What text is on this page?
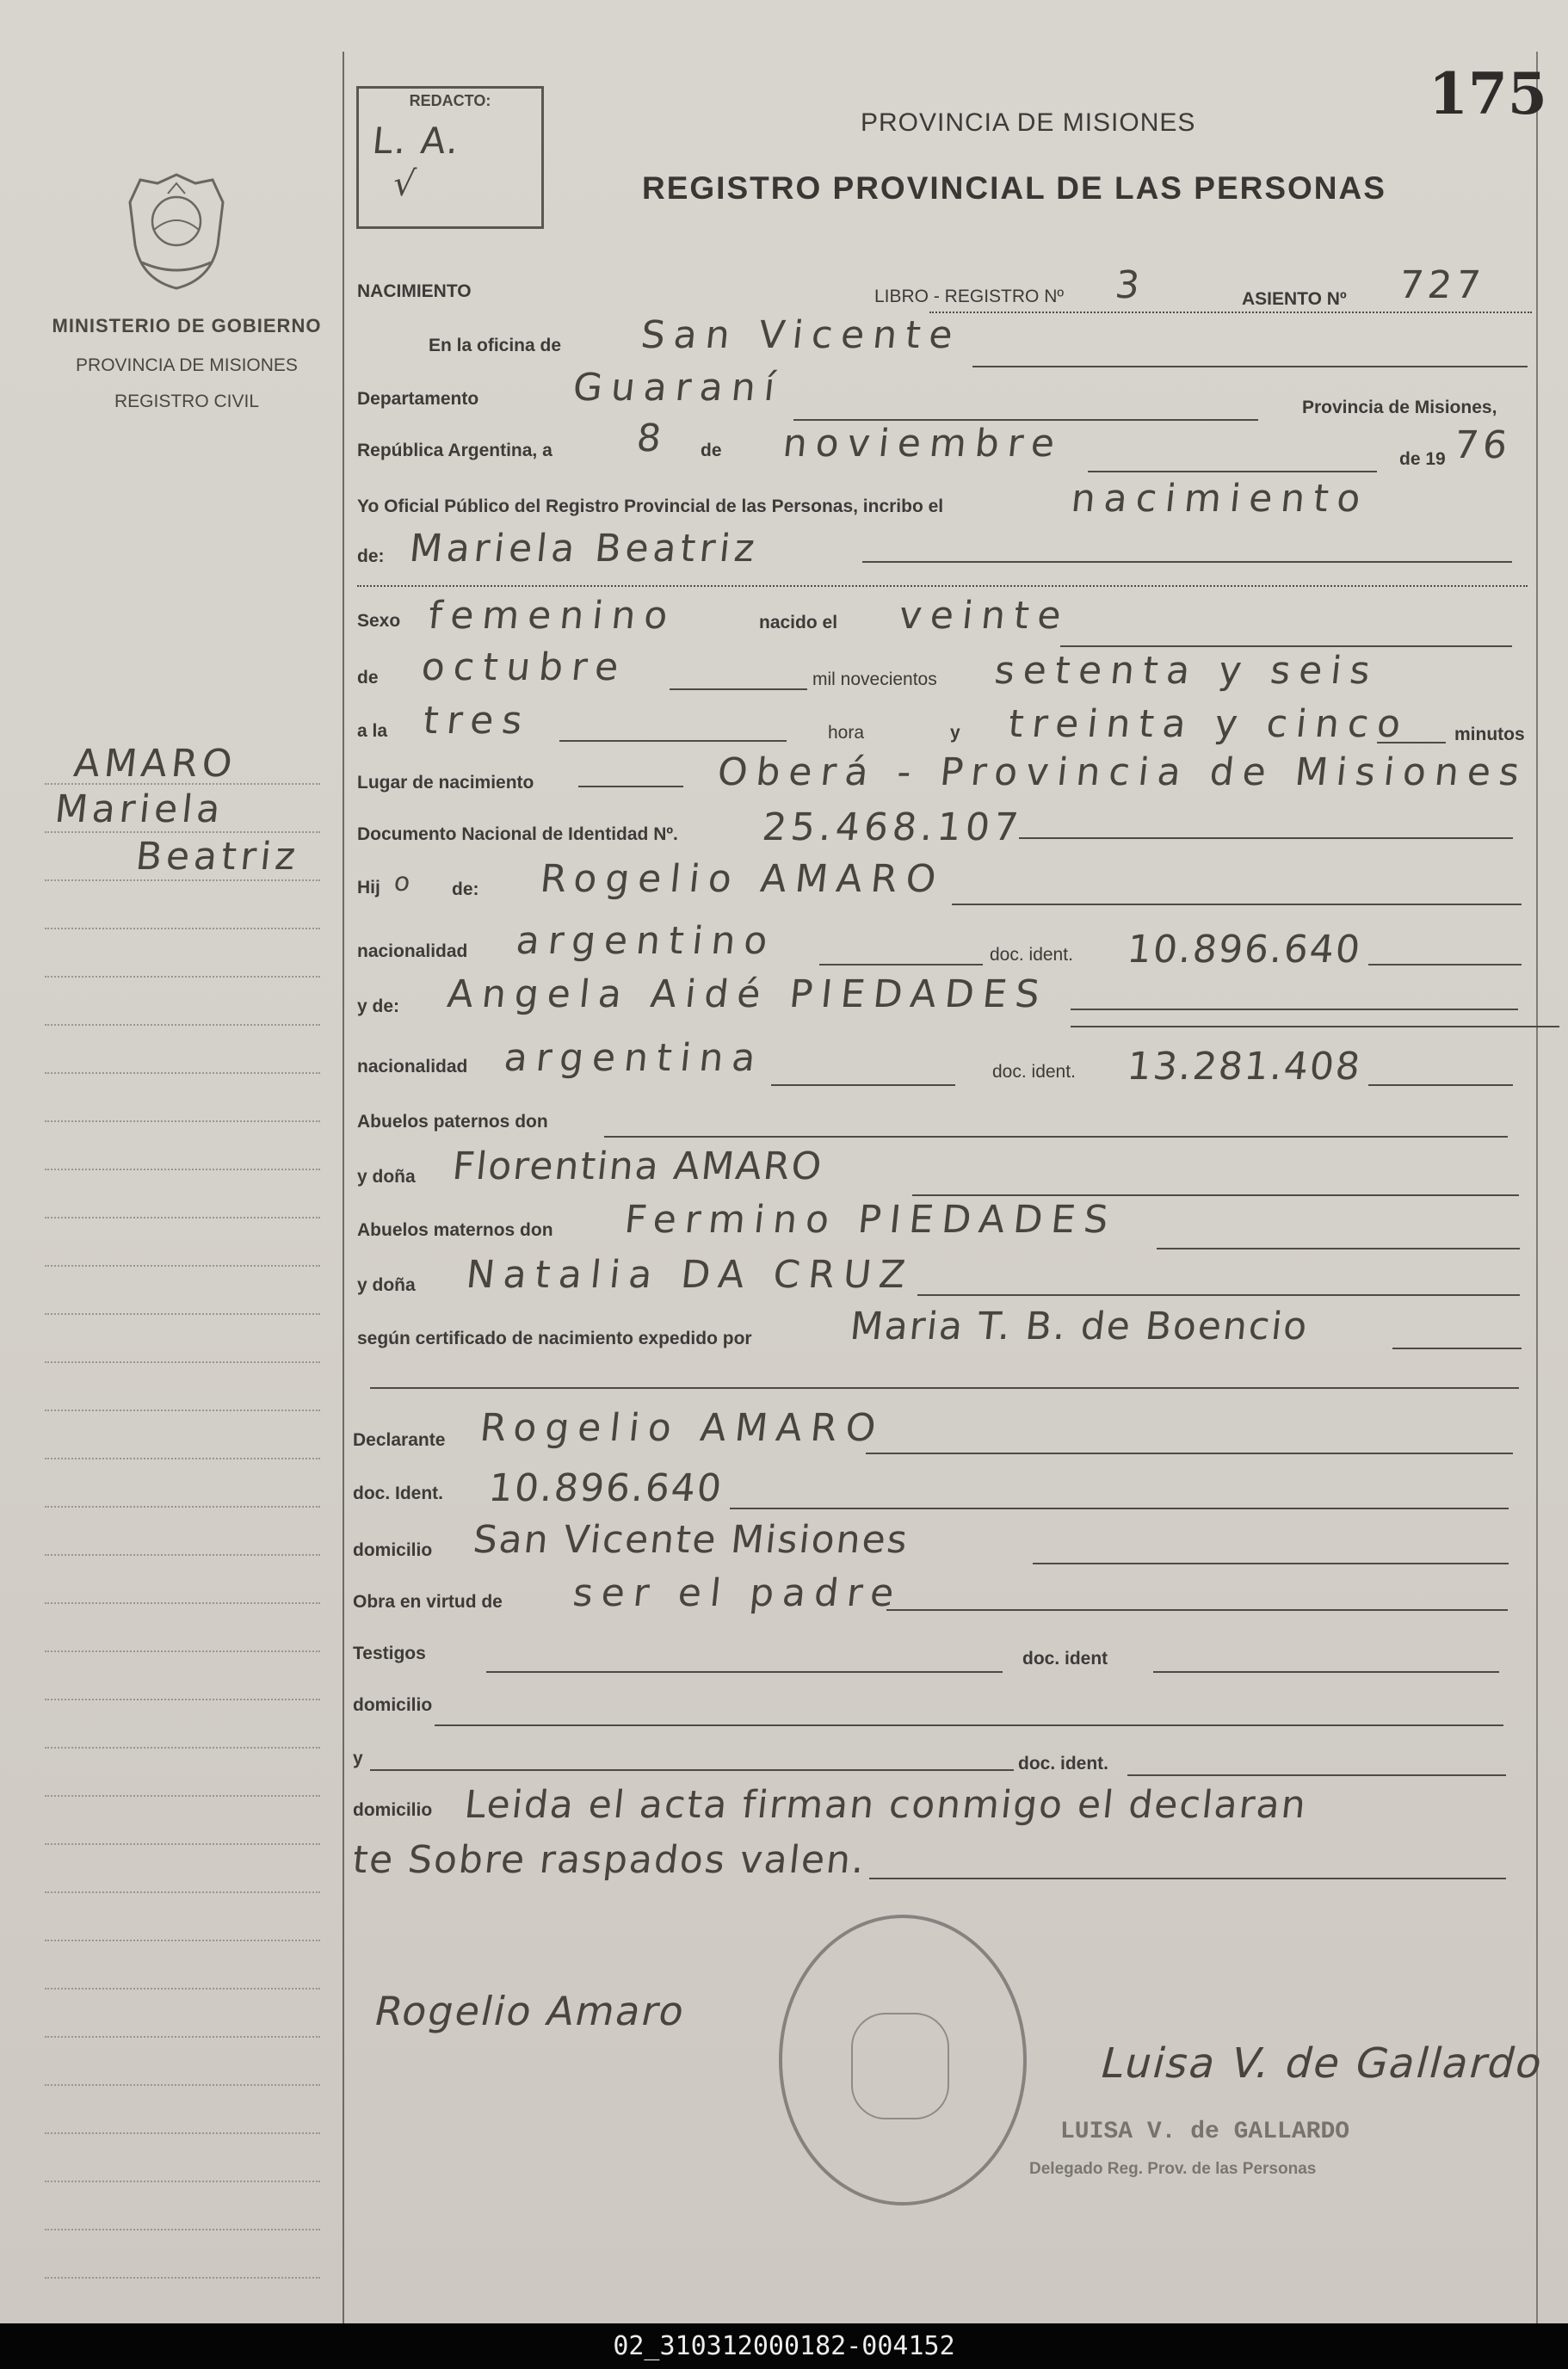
175
REDACTO:
L. A.
√
MINISTERIO DE GOBIERNO
PROVINCIA DE MISIONES
REGISTRO CIVIL
PROVINCIA DE MISIONES
REGISTRO PROVINCIAL DE LAS PERSONAS
AMARO
Mariela
Beatriz
NACIMIENTO	LIBRO - REGISTRO Nº 3	ASIENTO Nº 727
En la oficina de San Vicente
Departamento Guaraní	Provincia de Misiones,
República Argentina, a 8 de noviembre	de 19 76
Yo Oficial Público del Registro Provincial de las Personas, incribo el	nacimiento
de: Mariela Beatriz
Sexo femenino	nacido el veinte
de octubre	mil novecientos setenta y seis
a la tres	hora	y treinta y cinco minutos
Lugar de nacimiento	Oberá - Provincia de Misiones
Documento Nacional de Identidad Nº. 25.468.107
Hij o de: Rogelio AMARO
nacionalidad argentino	doc. ident. 10.896.640
y de: Angela Aidé PIEDADES
nacionalidad argentina	doc. ident. 13.281.408
Abuelos paternos don
y doña Florentina AMARO
Abuelos maternos don Fermino PIEDADES
y doña Natalia DA CRUZ
según certificado de nacimiento expedido por	Maria T. B. de Boencio
Declarante Rogelio AMARO
doc. Ident. 10.896.640
domicilio San Vicente Misiones
Obra en virtud de ser el padre
Testigos	doc. ident
domicilio
y	doc. ident.
domicilio Leida el acta firman conmigo el declaran
te Sobre raspados valen.
Rogelio Amaro
Luisa V. de Gallardo
LUISA V. de GALLARDO
Delegado Reg. Prov. de las Personas
02_310312000182-004152
